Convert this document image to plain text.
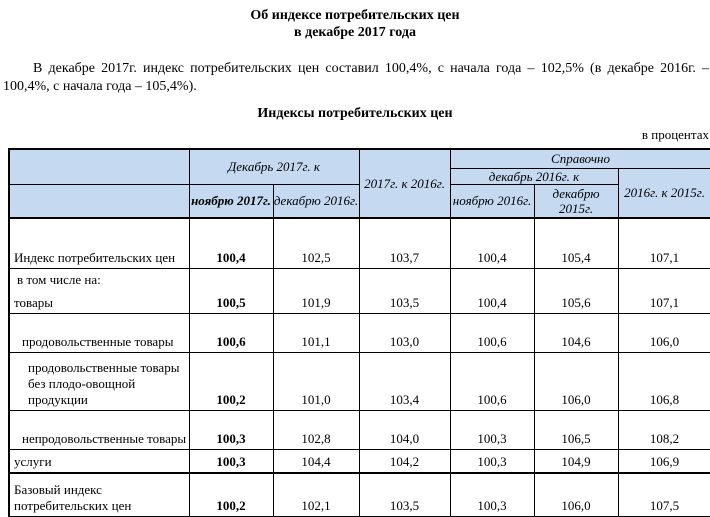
Об индексе потребительских цен
в декабре 2017 года
В декабре 2017г. индекс потребительских цен составил 100,4%, с начала года – 102,5% (в декабре 2016г. – 100,4%, с начала года – 105,4%).
Индексы потребительских цен
в процентах
	Декабрь 2017г. к		2017г. к 2016г.	Справочно		
				декабрь 2016г. к		2016г. к 2015г.
	ноябрю 2017г.	декабрю 2016г.		ноябрю 2016г.	декабрю 2015г.	

Индекс потребительских цен	100,4	102,5	103,7	100,4	105,4	107,1
в том числе на:						
товары	100,5	101,9	103,5	100,4	105,6	107,1
продовольственные товары	100,6	101,1	103,0	100,6	104,6	106,0
продовольственные товары без плодо-овощной продукции	100,2	101,0	103,4	100,6	106,0	106,8
непродовольственные товары	100,3	102,8	104,0	100,3	106,5	108,2
услуги	100,3	104,4	104,2	100,3	104,9	106,9
Базовый индекс потребительских цен	100,2	102,1	103,5	100,3	106,0	107,5
